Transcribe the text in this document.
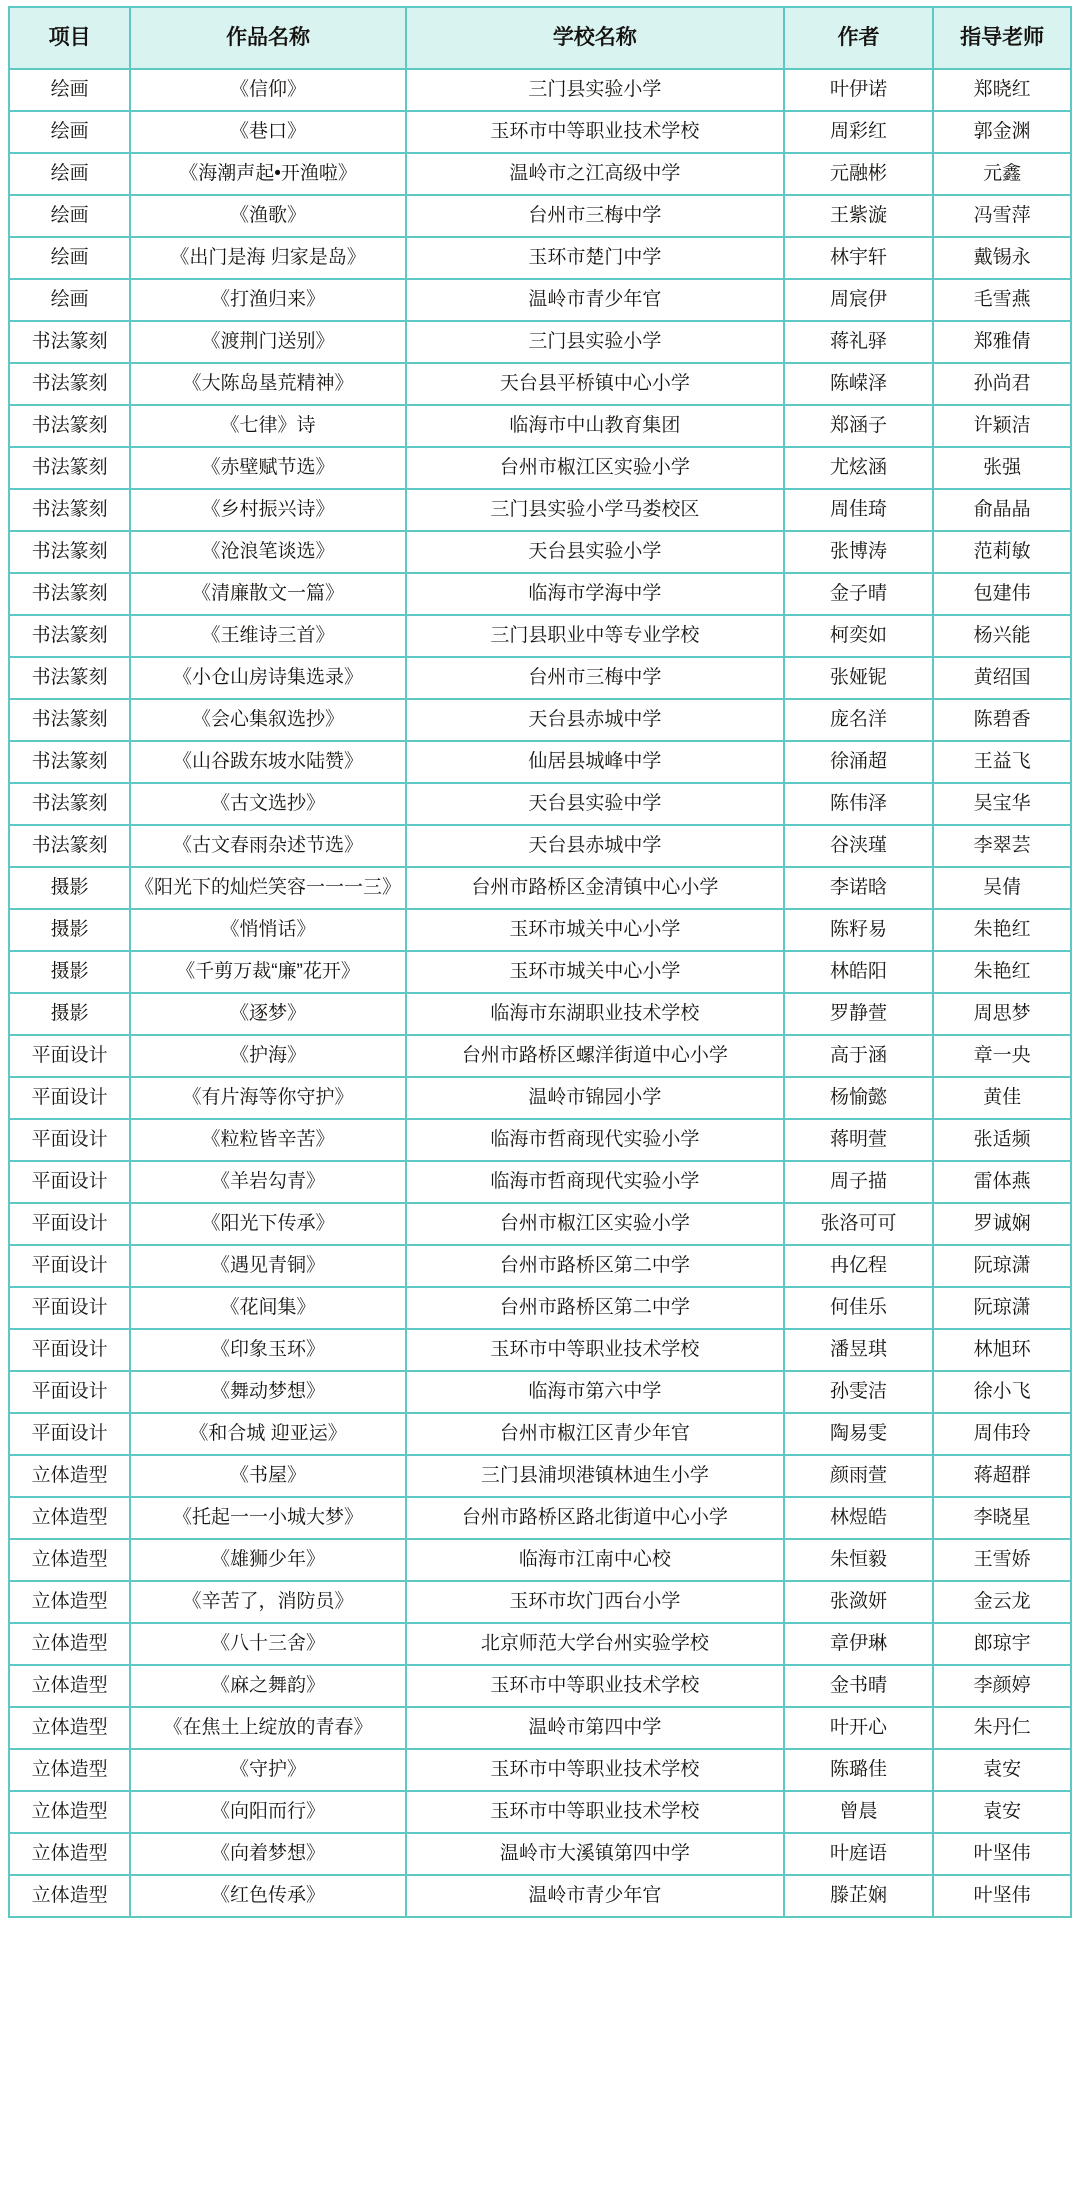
项目	作品名称	学校名称	作者	指导老师
绘画	《信仰》	三门县实验小学	叶伊诺	郑晓红
绘画	《巷口》	玉环市中等职业技术学校	周彩红	郭金渊
绘画	《海潮声起•开渔啦》	温岭市之江高级中学	元融彬	元鑫
绘画	《渔歌》	台州市三梅中学	王紫漩	冯雪萍
绘画	《出门是海 归家是岛》	玉环市楚门中学	林宇轩	戴锡永
绘画	《打渔归来》	温岭市青少年官	周宸伊	毛雪燕
书法篆刻	《渡荆门送别》	三门县实验小学	蒋礼驿	郑雅倩
书法篆刻	《大陈岛垦荒精神》	天台县平桥镇中心小学	陈嵘泽	孙尚君
书法篆刻	《七律》诗	临海市中山教育集团	郑涵子	许颖洁
书法篆刻	《赤壁赋节选》	台州市椒江区实验小学	尤炫涵	张强
书法篆刻	《乡村振兴诗》	三门县实验小学马娄校区	周佳琦	俞晶晶
书法篆刻	《沧浪笔谈选》	天台县实验小学	张博涛	范莉敏
书法篆刻	《清廉散文一篇》	临海市学海中学	金子晴	包建伟
书法篆刻	《王维诗三首》	三门县职业中等专业学校	柯奕如	杨兴能
书法篆刻	《小仓山房诗集选录》	台州市三梅中学	张娅铌	黄绍国
书法篆刻	《会心集叙选抄》	天台县赤城中学	庞名洋	陈碧香
书法篆刻	《山谷跋东坡水陆赞》	仙居县城峰中学	徐涌超	王益飞
书法篆刻	《古文选抄》	天台县实验中学	陈伟泽	吴宝华
书法篆刻	《古文春雨杂述节选》	天台县赤城中学	谷浃瑾	李翠芸
摄影	《阳光下的灿烂笑容一一一三》	台州市路桥区金清镇中心小学	李诺晗	吴倩
摄影	《悄悄话》	玉环市城关中心小学	陈籽易	朱艳红
摄影	《千剪万裁“廉”花开》	玉环市城关中心小学	林皓阳	朱艳红
摄影	《逐梦》	临海市东湖职业技术学校	罗静萱	周思梦
平面设计	《护海》	台州市路桥区螺洋街道中心小学	高于涵	章一央
平面设计	《有片海等你守护》	温岭市锦园小学	杨愉懿	黄佳
平面设计	《粒粒皆辛苦》	临海市哲商现代实验小学	蒋明萱	张适频
平面设计	《羊岩勾青》	临海市哲商现代实验小学	周子描	雷体燕
平面设计	《阳光下传承》	台州市椒江区实验小学	张洛可可	罗诚娴
平面设计	《遇见青铜》	台州市路桥区第二中学	冉亿程	阮琼潇
平面设计	《花间集》	台州市路桥区第二中学	何佳乐	阮琼潇
平面设计	《印象玉环》	玉环市中等职业技术学校	潘昱琪	林旭环
平面设计	《舞动梦想》	临海市第六中学	孙雯洁	徐小飞
平面设计	《和合城 迎亚运》	台州市椒江区青少年官	陶易雯	周伟玲
立体造型	《书屋》	三门县浦坝港镇林迪生小学	颜雨萱	蒋超群
立体造型	《托起一一小城大梦》	台州市路桥区路北街道中心小学	林煜皓	李晓星
立体造型	《雄狮少年》	临海市江南中心校	朱恒毅	王雪娇
立体造型	《辛苦了，消防员》	玉环市坎门西台小学	张潋妍	金云龙
立体造型	《八十三舍》	北京师范大学台州实验学校	章伊琳	郎琼宇
立体造型	《麻之舞韵》	玉环市中等职业技术学校	金书晴	李颜婷
立体造型	《在焦土上绽放的青春》	温岭市第四中学	叶开心	朱丹仁
立体造型	《守护》	玉环市中等职业技术学校	陈璐佳	袁安
立体造型	《向阳而行》	玉环市中等职业技术学校	曾晨	袁安
立体造型	《向着梦想》	温岭市大溪镇第四中学	叶庭语	叶坚伟
立体造型	《红色传承》	温岭市青少年官	滕芷娴	叶坚伟
